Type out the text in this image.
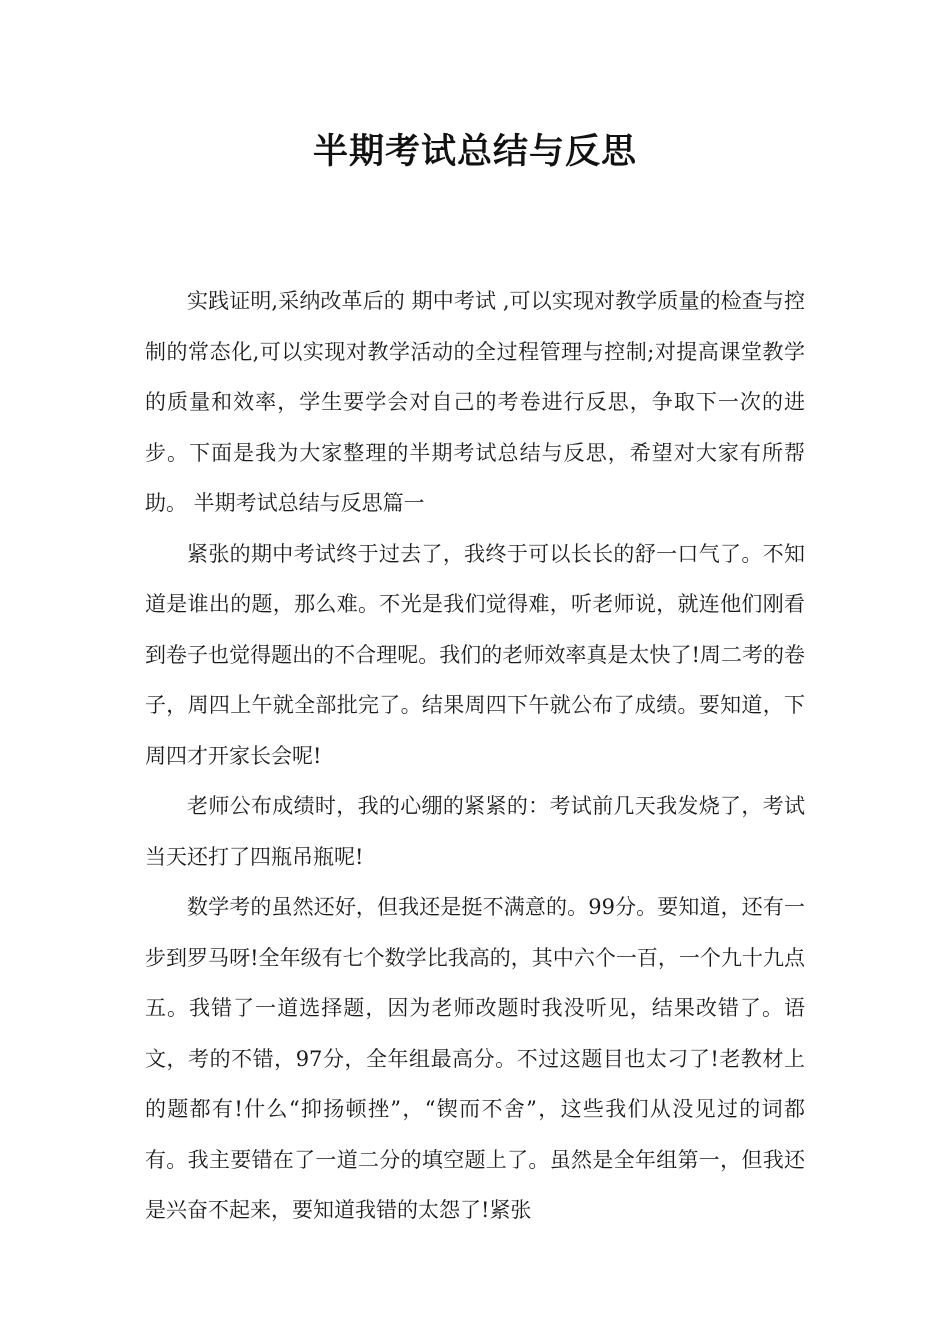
半期考试总结与反思

实践证明,采纳改革后的 期中考试 ,可以实现对教学质量的检查与控制的常态化,可以实现对教学活动的全过程管理与控制;对提高课堂教学的质量和效率，学生要学会对自己的考卷进行反思，争取下一次的进步。下面是我为大家整理的半期考试总结与反思，希望对大家有所帮助。 半期考试总结与反思篇一

紧张的期中考试终于过去了，我终于可以长长的舒一口气了。不知道是谁出的题，那么难。不光是我们觉得难，听老师说，就连他们刚看到卷子也觉得题出的不合理呢。我们的老师效率真是太快了!周二考的卷子，周四上午就全部批完了。结果周四下午就公布了成绩。要知道，下周四才开家长会呢!

老师公布成绩时，我的心绷的紧紧的：考试前几天我发烧了，考试当天还打了四瓶吊瓶呢!

数学考的虽然还好，但我还是挺不满意的。99分。要知道，还有一步到罗马呀!全年级有七个数学比我高的，其中六个一百，一个九十九点五。我错了一道选择题，因为老师改题时我没听见，结果改错了。语文，考的不错，97分，全年组最高分。不过这题目也太刁了!老教材上的题都有!什么“抑扬顿挫”，“锲而不舍”，这些我们从没见过的词都有。我主要错在了一道二分的填空题上了。虽然是全年组第一，但我还是兴奋不起来，要知道我错的太怨了!紧张
